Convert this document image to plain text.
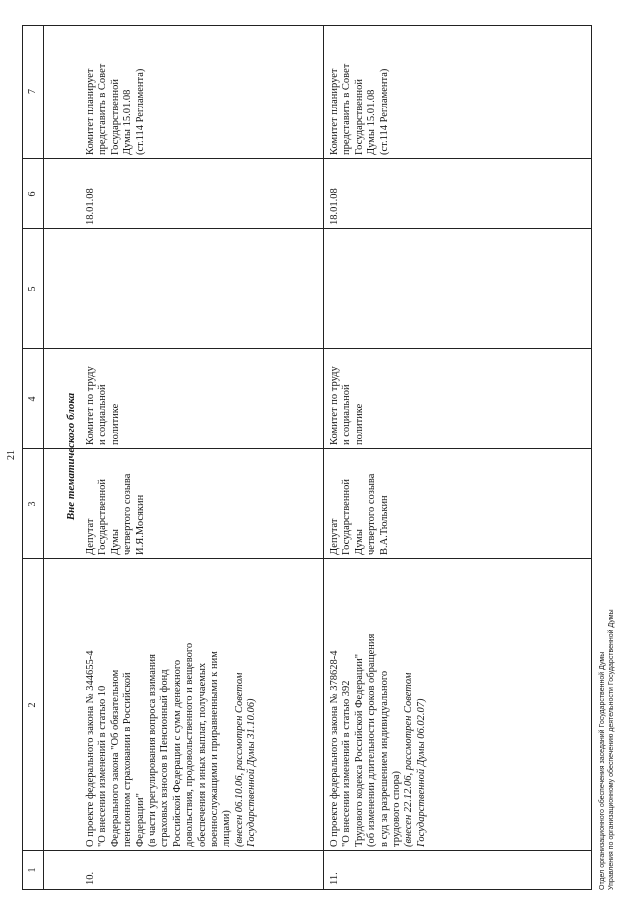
21
1
2
3
4
5
6
7
Вне тематического блока
10.
О проекте федерального закона № 344655-4 "О внесении изменений в статью 10 Федерального закона "Об обязательном пенсионном страховании в Российской Федерации" (в части урегулирования вопроса взимания страховых взносов в Пенсионный фонд Российской Федерации с сумм денежного довольствия, продовольственного и вещевого обеспечения и иных выплат, получаемых военнослужащими и приравненными к ним лицами) (внесен 06.10.06, рассмотрен Советом Государственной Думы 31.10.06)
Депутат Государственной Думы четвертого созыва И.Я.Мосякин
Комитет по труду и социальной политике
18.01.08
Комитет планирует представить в Совет Государственной Думы 15.01.08 (ст.114 Регламента)
11.
О проекте федерального закона № 378628-4 "О внесении изменений в статью 392 Трудового кодекса Российской Федерации" (об изменении длительности сроков обращения в суд за разрешением индивидуального трудового спора) (внесен 22.12.06, рассмотрен Советом Государственной Думы 06.02.07)
Депутат Государственной Думы четвертого созыва В.А.Тюлькин
Комитет по труду и социальной политике
18.01.08
Комитет планирует представить в Совет Государственной Думы 15.01.08 (ст.114 Регламента)
Отдел организационного обеспечения заседаний Государственной Думы Управления по организационному обеспечению деятельности Государственной Думы
